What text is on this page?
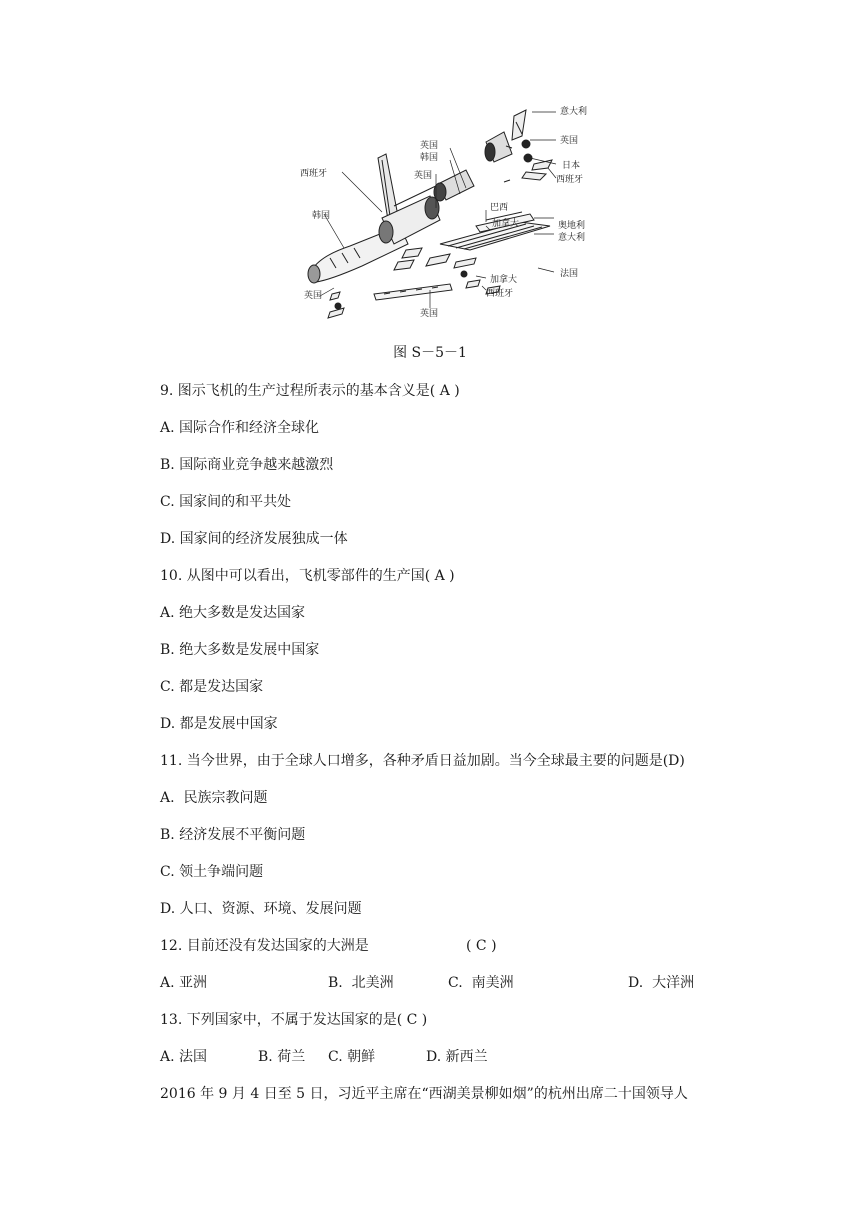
意大利
英国
日本
西班牙
英国
韩国
西班牙	英国
韩国
巴西
加拿大	奥地利
意大利
法国
加拿大
西班牙
英国
英国
图 S－5－1
9. 图示飞机的生产过程所表示的基本含义是( A )
A. 国际合作和经济全球化
B. 国际商业竞争越来越激烈
C. 国家间的和平共处
D. 国家间的经济发展独成一体
10. 从图中可以看出，飞机零部件的生产国( A )
A. 绝大多数是发达国家
B. 绝大多数是发展中国家
C. 都是发达国家
D. 都是发展中国家
11. 当今世界，由于全球人口增多，各种矛盾日益加剧。当今全球最主要的问题是(D)
A.  民族宗教问题
B. 经济发展不平衡问题
C. 领土争端问题
D. 人口、资源、环境、发展问题
12. 目前还没有发达国家的大洲是	( C )
A. 亚洲	B.  北美洲	C.  南美洲	D.  大洋洲
13. 下列国家中，不属于发达国家的是( C )
A. 法国	B. 荷兰 C. 朝鲜	D. 新西兰
2016 年 9 月 4 日至 5 日，习近平主席在“西湖美景柳如烟”的杭州出席二十国领导人
